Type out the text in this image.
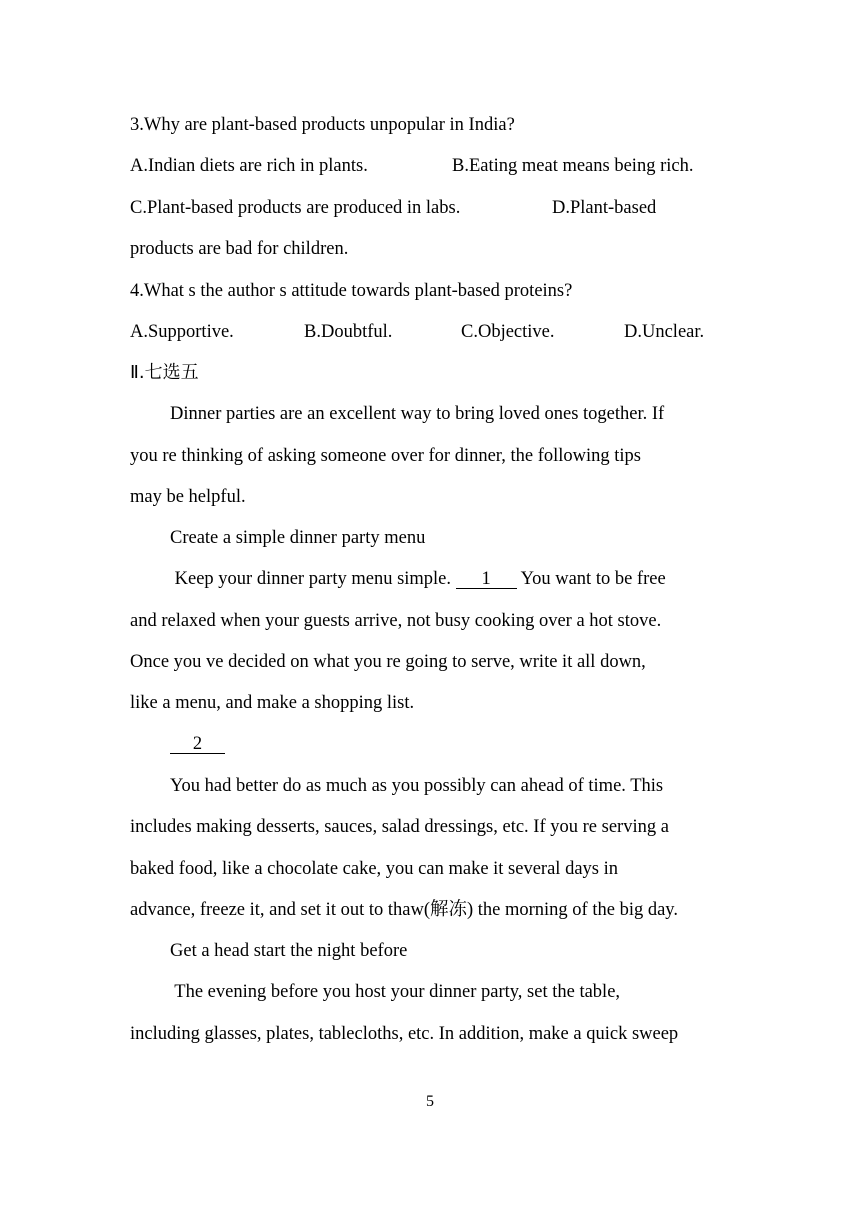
3.Why are plant-based products unpopular in India?
A.Indian diets are rich in plants.	B.Eating meat means being rich.
C.Plant-based products are produced in labs.	D.Plant-based
products are bad for children.
4.What s the author s attitude towards plant-based proteins?
A.Supportive.	B.Doubtful.	C.Objective.	D.Unclear.
Ⅱ.七选五
Dinner parties are an excellent way to bring loved ones together. If
you re thinking of asking someone over for dinner, the following tips
may be helpful.
Create a simple dinner party menu
Keep your dinner party menu simple. 1 You want to be free
and relaxed when your guests arrive, not busy cooking over a hot stove.
Once you ve decided on what you re going to serve, write it all down,
like a menu, and make a shopping list.
2
You had better do as much as you possibly can ahead of time. This
includes making desserts, sauces, salad dressings, etc. If you re serving a
baked food, like a chocolate cake, you can make it several days in
advance, freeze it, and set it out to thaw(解冻) the morning of the big day.
Get a head start the night before
The evening before you host your dinner party, set the table,
including glasses, plates, tablecloths, etc. In addition, make a quick sweep
5
